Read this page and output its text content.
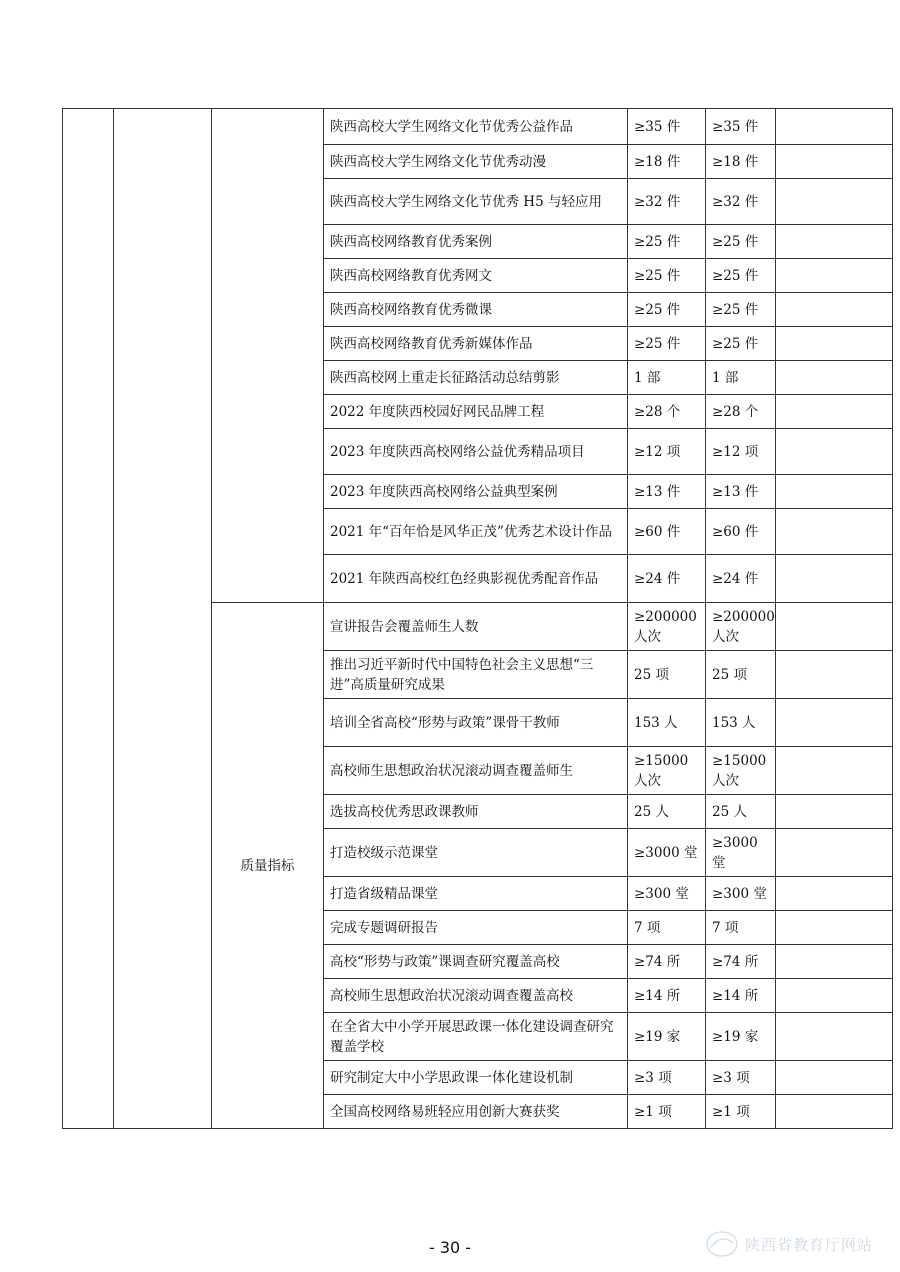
			陕西高校大学生网络文化节优秀公益作品	≥35 件	≥35 件	
			陕西高校大学生网络文化节优秀动漫	≥18 件	≥18 件	
			陕西高校大学生网络文化节优秀 H5 与轻应用	≥32 件	≥32 件	
			陕西高校网络教育优秀案例	≥25 件	≥25 件	
			陕西高校网络教育优秀网文	≥25 件	≥25 件	
			陕西高校网络教育优秀微课	≥25 件	≥25 件	
			陕西高校网络教育优秀新媒体作品	≥25 件	≥25 件	
			陕西高校网上重走长征路活动总结剪影	1 部	1 部	
			2022 年度陕西校园好网民品牌工程	≥28 个	≥28 个	
			2023 年度陕西高校网络公益优秀精品项目	≥12 项	≥12 项	
			2023 年度陕西高校网络公益典型案例	≥13 件	≥13 件	
			2021 年“百年恰是风华正茂”优秀艺术设计作品	≥60 件	≥60 件	
			2021 年陕西高校红色经典影视优秀配音作品	≥24 件	≥24 件	
		质量指标	宣讲报告会覆盖师生人数	≥200000 人次	≥200000 人次	
			推出习近平新时代中国特色社会主义思想“三进”高质量研究成果	25 项	25 项	
			培训全省高校“形势与政策”课骨干教师	153 人	153 人	
			高校师生思想政治状况滚动调查覆盖师生	≥15000 人次	≥15000 人次	
			选拔高校优秀思政课教师	25 人	25 人	
			打造校级示范课堂	≥3000 堂	≥3000 堂	
			打造省级精品课堂	≥300 堂	≥300 堂	
			完成专题调研报告	7 项	7 项	
			高校“形势与政策”课调查研究覆盖高校	≥74 所	≥74 所	
			高校师生思想政治状况滚动调查覆盖高校	≥14 所	≥14 所	
			在全省大中小学开展思政课一体化建设调查研究覆盖学校	≥19 家	≥19 家	
			研究制定大中小学思政课一体化建设机制	≥3 项	≥3 项	
			全国高校网络易班轻应用创新大赛获奖	≥1 项	≥1 项	
- 30 -	陕西省教育厅网站
